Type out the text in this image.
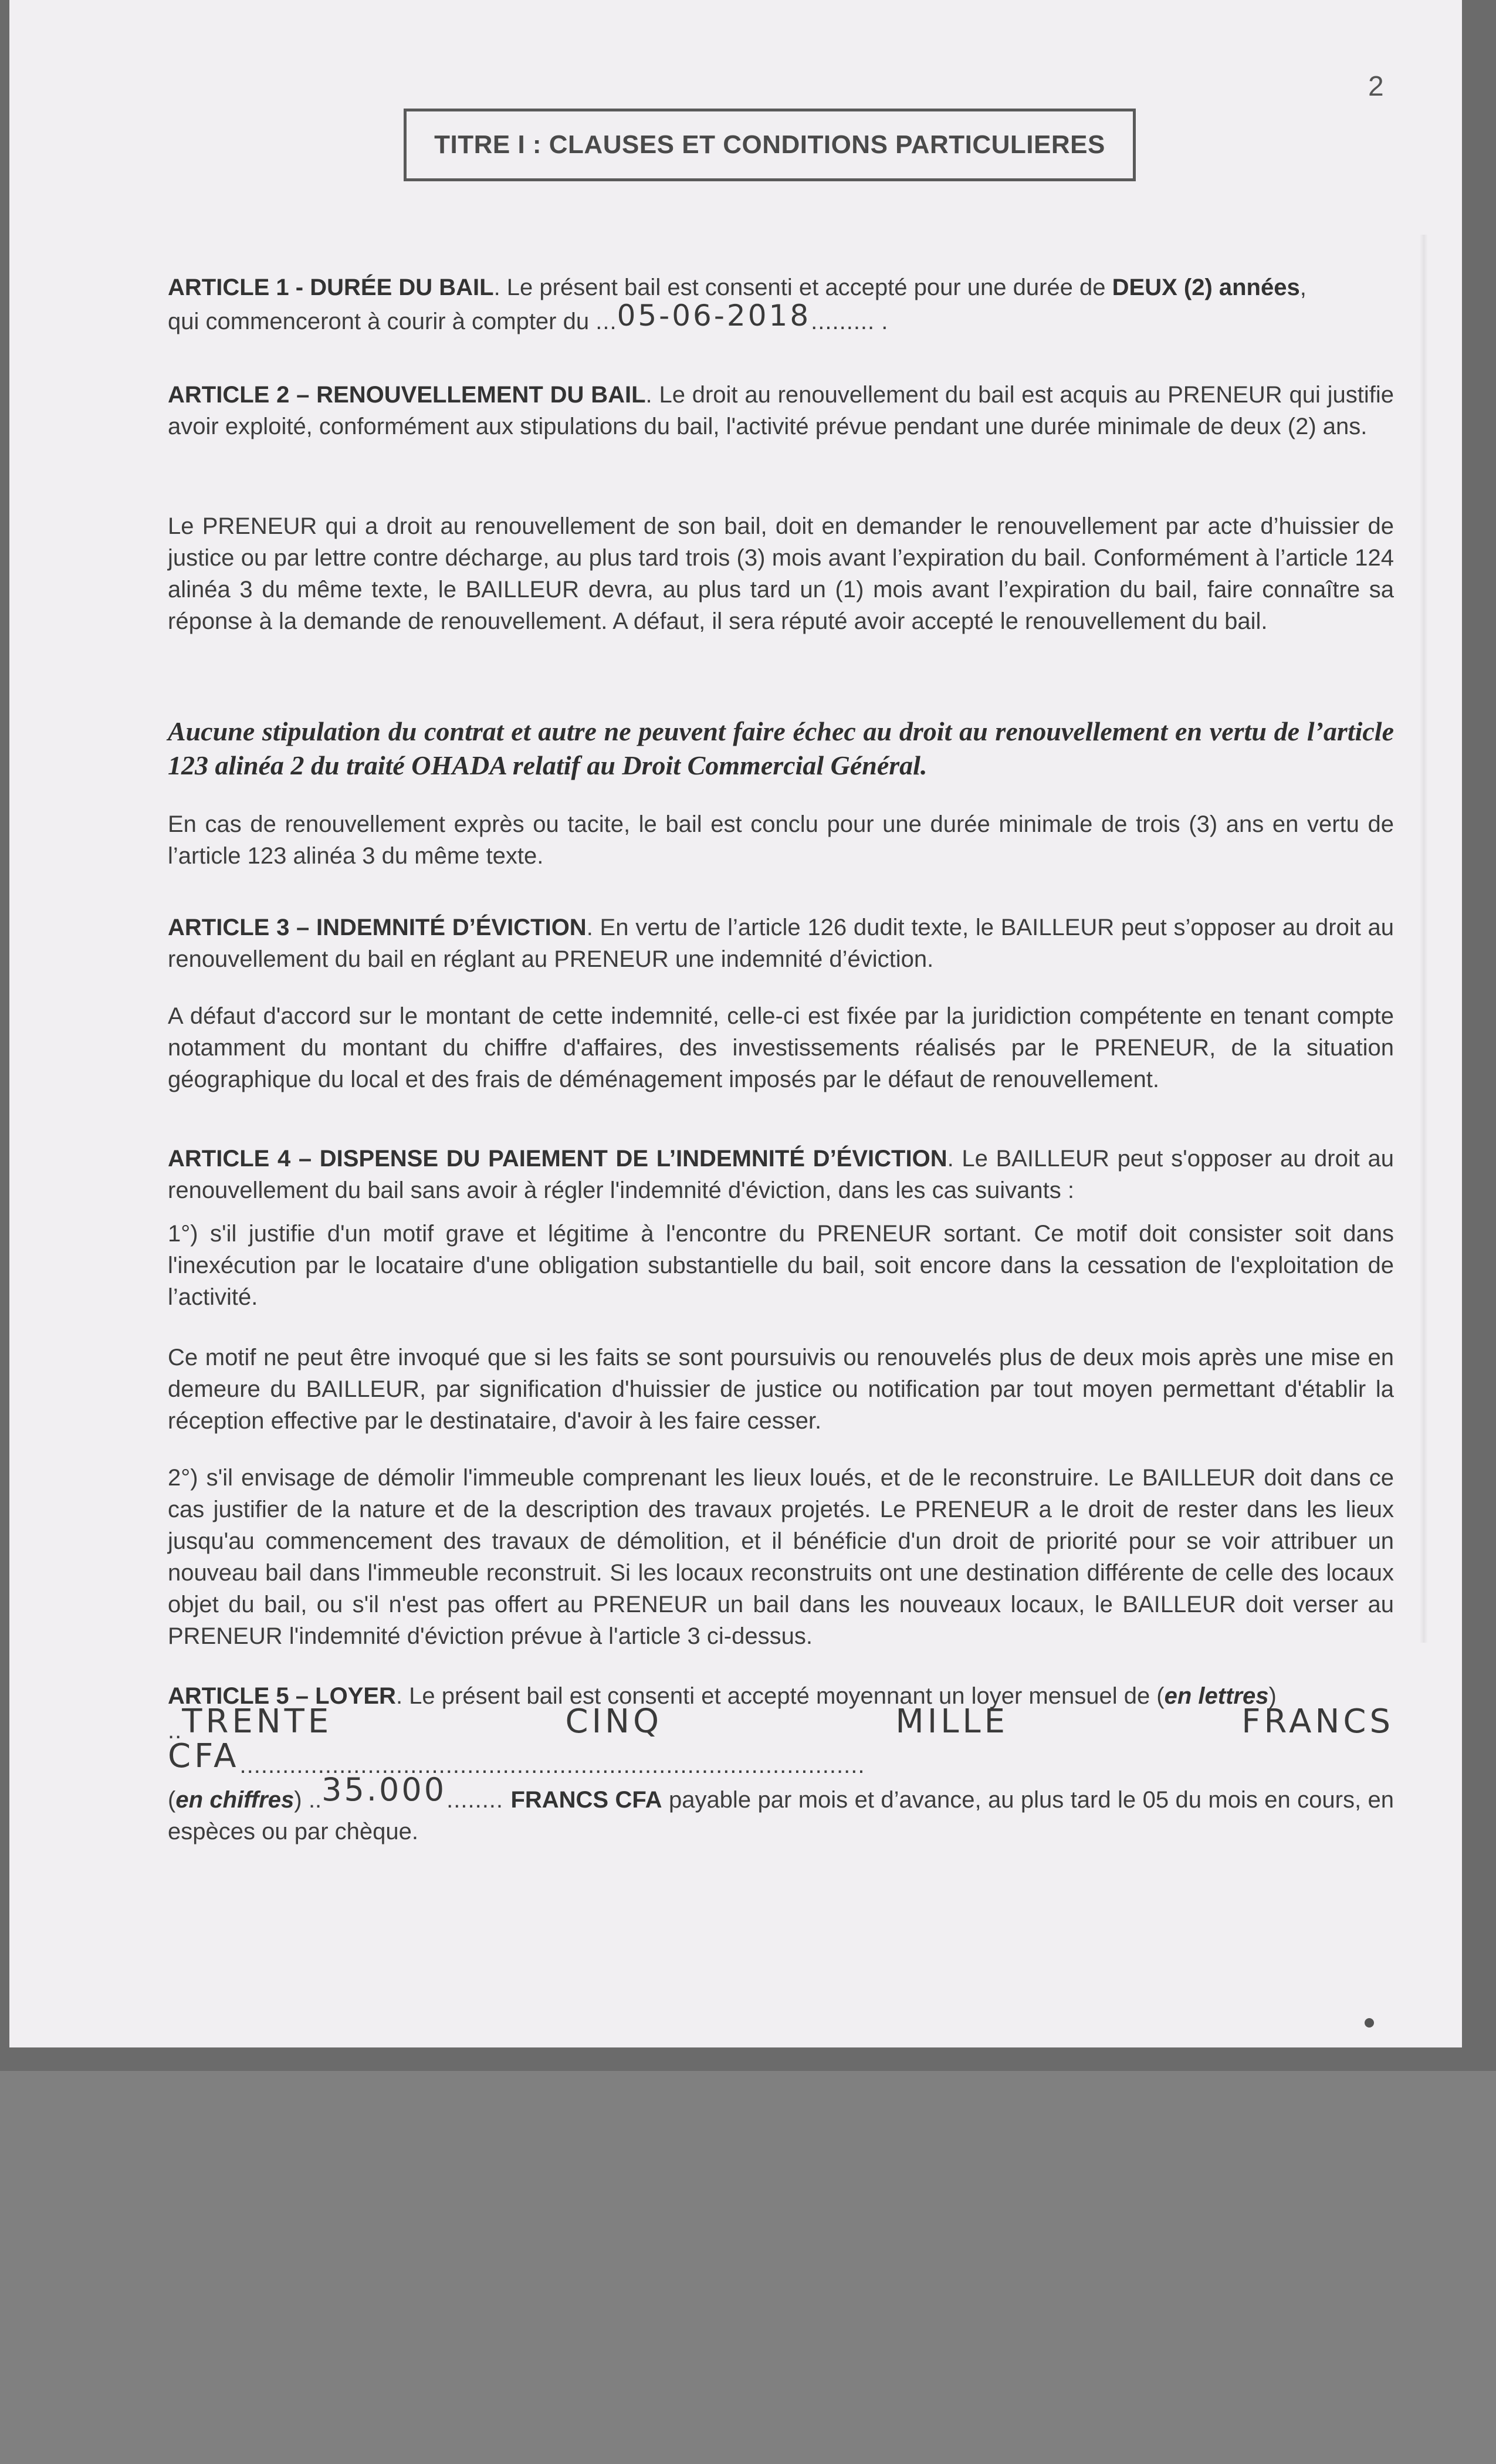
2
TITRE I : CLAUSES ET CONDITIONS PARTICULIERES
ARTICLE 1 - DURÉE DU BAIL. Le présent bail est consenti et accepté pour une durée de DEUX (2) années,
qui commenceront à courir à compter du ...05-06-2018......... .
ARTICLE 2 – RENOUVELLEMENT DU BAIL. Le droit au renouvellement du bail est acquis au PRENEUR qui justifie avoir exploité, conformément aux stipulations du bail, l'activité prévue pendant une durée minimale de deux (2) ans.
Le PRENEUR qui a droit au renouvellement de son bail, doit en demander le renouvellement par acte d’huissier de justice ou par lettre contre décharge, au plus tard trois (3) mois avant l’expiration du bail. Conformément à l’article 124 alinéa 3 du même texte, le BAILLEUR devra, au plus tard un (1) mois avant l’expiration du bail, faire connaître sa réponse à la demande de renouvellement. A défaut, il sera réputé avoir accepté le renouvellement du bail.
Aucune stipulation du contrat et autre ne peuvent faire échec au droit au renouvellement en vertu de l’article 123 alinéa 2 du traité OHADA relatif au Droit Commercial Général.
En cas de renouvellement exprès ou tacite, le bail est conclu pour une durée minimale de trois (3) ans en vertu de l’article 123 alinéa 3 du même texte.
ARTICLE 3 – INDEMNITÉ D’ÉVICTION. En vertu de l’article 126 dudit texte, le BAILLEUR peut s’opposer au droit au renouvellement du bail en réglant au PRENEUR une indemnité d’éviction.
A défaut d'accord sur le montant de cette indemnité, celle-ci est fixée par la juridiction compétente en tenant compte notamment du montant du chiffre d'affaires, des investissements réalisés par le PRENEUR, de la situation géographique du local et des frais de déménagement imposés par le défaut de renouvellement.
ARTICLE 4 – DISPENSE DU PAIEMENT DE L’INDEMNITÉ D’ÉVICTION. Le BAILLEUR peut s'opposer au droit au renouvellement du bail sans avoir à régler l'indemnité d'éviction, dans les cas suivants :
1°) s'il justifie d'un motif grave et légitime à l'encontre du PRENEUR sortant. Ce motif doit consister soit dans l'inexécution par le locataire d'une obligation substantielle du bail, soit encore dans la cessation de l'exploitation de l’activité.
Ce motif ne peut être invoqué que si les faits se sont poursuivis ou renouvelés plus de deux mois après une mise en demeure du BAILLEUR, par signification d'huissier de justice ou notification par tout moyen permettant d'établir la réception effective par le destinataire, d'avoir à les faire cesser.
2°) s'il envisage de démolir l'immeuble comprenant les lieux loués, et de le reconstruire. Le BAILLEUR doit dans ce cas justifier de la nature et de la description des travaux projetés. Le PRENEUR a le droit de rester dans les lieux jusqu'au commencement des travaux de démolition, et il bénéficie d'un droit de priorité pour se voir attribuer un nouveau bail dans l'immeuble reconstruit. Si les locaux reconstruits ont une destination différente de celle des locaux objet du bail, ou s'il n'est pas offert au PRENEUR un bail dans les nouveaux locaux, le BAILLEUR doit verser au PRENEUR l'indemnité d'éviction prévue à l'article 3 ci-dessus.
ARTICLE 5 – LOYER. Le présent bail est consenti et accepté moyennant un loyer mensuel de (en lettres)
..TRENTE CINQ MILLE FRANCS CFA........................................................................................
(en chiffres) ..35.000........ FRANCS CFA payable par mois et d’avance, au plus tard le 05 du mois en cours, en espèces ou par chèque.
